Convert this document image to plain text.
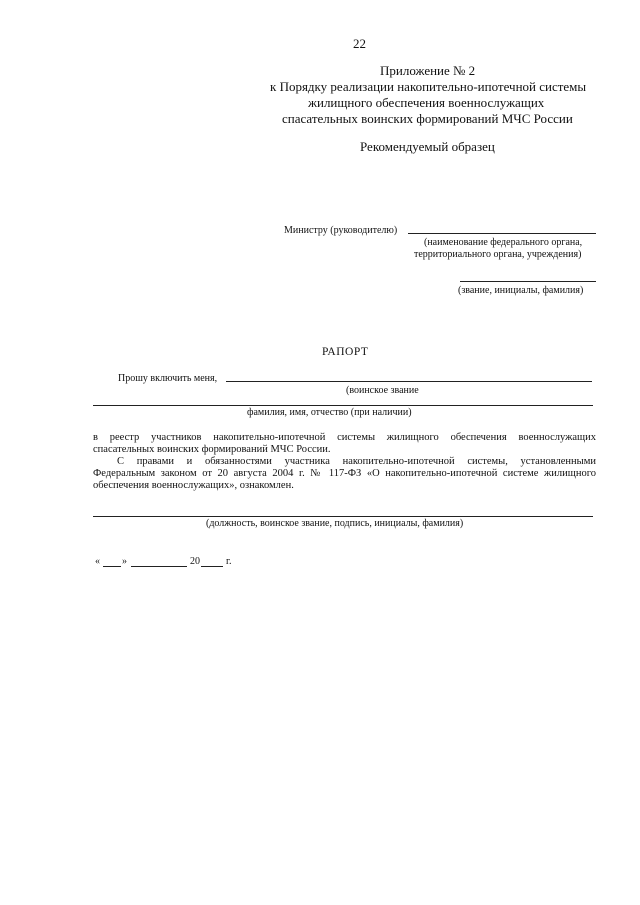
22
Приложение № 2
к Порядку реализации накопительно-ипотечной системы
жилищного обеспечения военнослужащих
спасательных воинских формирований МЧС России
Рекомендуемый образец
Министру (руководителю)
(наименование федерального органа,
территориального органа, учреждения)
(звание, инициалы, фамилия)
РАПОРТ
Прошу включить меня,
(воинское звание
фамилия, имя, отчество (при наличии)
в реестр участников накопительно-ипотечной системы жилищного обеспечения военнослужащих
спасательных воинских формирований МЧС России.
С правами и обязанностями участника накопительно-ипотечной системы, установленными
Федеральным законом от 20 августа 2004 г. № 117-ФЗ «О накопительно-ипотечной системе жилищного
обеспечения военнослужащих», ознакомлен.
(должность, воинское звание, подпись, инициалы, фамилия)
« »	20	г.
